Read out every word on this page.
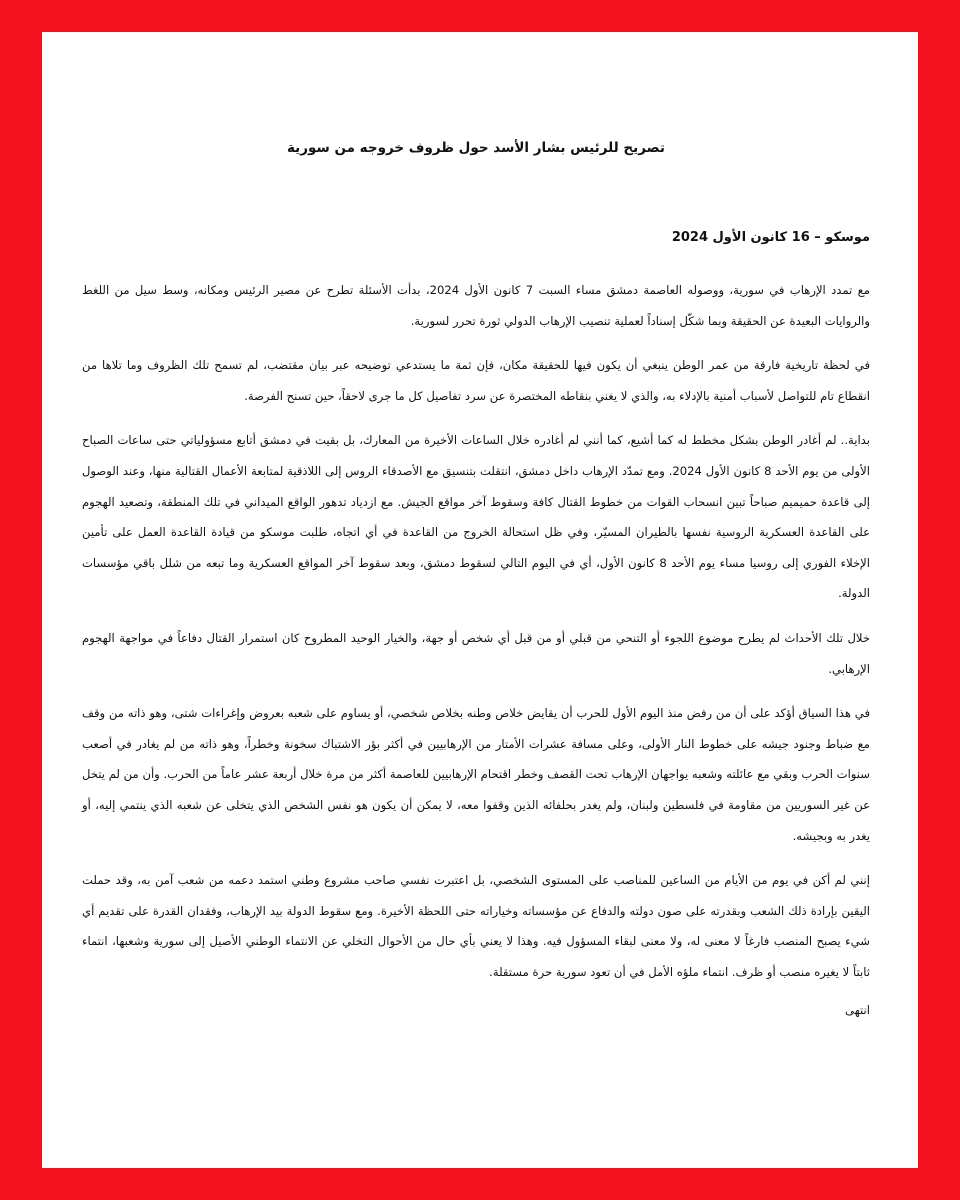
تصريح للرئيس بشار الأسد حول ظروف خروجه من سورية
موسكو – 16 كانون الأول 2024
مع تمدد الإرهاب في سورية، ووصوله العاصمة دمشق مساء السبت 7 كانون الأول 2024، بدأت الأسئلة تطرح عن مصير الرئيس ومكانه، وسط سيل من اللغط والروايات البعيدة عن الحقيقة وبما شكّل إسناداً لعملية تنصيب الإرهاب الدولي ثورة تحرر لسورية.
في لحظة تاريخية فارقة من عمر الوطن ينبغي أن يكون فيها للحقيقة مكان، فإن ثمة ما يستدعي توضيحه عبر بيان مقتضب، لم تسمح تلك الظروف وما تلاها من انقطاع تام للتواصل لأسباب أمنية بالإدلاء به، والذي لا يغني بنقاطه المختصرة عن سرد تفاصيل كل ما جرى لاحقاً، حين تسنح الفرصة.
بداية.. لم أغادر الوطن بشكل مخطط له كما أشيع، كما أنني لم أغادره خلال الساعات الأخيرة من المعارك، بل بقيت في دمشق أتابع مسؤولياتي حتى ساعات الصباح الأولى من يوم الأحد 8 كانون الأول 2024. ومع تمدّد الإرهاب داخل دمشق، انتقلت بتنسيق مع الأصدقاء الروس إلى اللاذقية لمتابعة الأعمال القتالية منها، وعند الوصول إلى قاعدة حميميم صباحاً تبين انسحاب القوات من خطوط القتال كافة وسقوط آخر مواقع الجيش. مع ازدياد تدهور الواقع الميداني في تلك المنطقة، وتصعيد الهجوم على القاعدة العسكرية الروسية نفسها بالطيران المسيّر، وفي ظل استحالة الخروج من القاعدة في أي اتجاه، طلبت موسكو من قيادة القاعدة العمل على تأمين الإخلاء الفوري إلى روسيا مساء يوم الأحد 8 كانون الأول، أي في اليوم التالي لسقوط دمشق، وبعد سقوط آخر المواقع العسكرية وما تبعه من شلل باقي مؤسسات الدولة.
خلال تلك الأحداث لم يطرح موضوع اللجوء أو التنحي من قبلي أو من قبل أي شخص أو جهة، والخيار الوحيد المطروح كان استمرار القتال دفاعاً في مواجهة الهجوم الإرهابي.
في هذا السياق أؤكد على أن من رفض منذ اليوم الأول للحرب أن يقايض خلاص وطنه بخلاص شخصي، أو يساوم على شعبه بعروض وإغراءات شتى، وهو ذاته من وقف مع ضباط وجنود جيشه على خطوط النار الأولى، وعلى مسافة عشرات الأمتار من الإرهابيين في أكثر بؤر الاشتباك سخونة وخطراً، وهو ذاته من لم يغادر في أصعب سنوات الحرب وبقي مع عائلته وشعبه يواجهان الإرهاب تحت القصف وخطر اقتحام الإرهابيين للعاصمة أكثر من مرة خلال أربعة عشر عاماً من الحرب. وأن من لم يتخل عن غير السوريين من مقاومة في فلسطين ولبنان، ولم يغدر بحلفائه الذين وقفوا معه، لا يمكن أن يكون هو نفس الشخص الذي يتخلى عن شعبه الذي ينتمي إليه، أو يغدر به وبجيشه.
إنني لم أكن في يوم من الأيام من الساعين للمناصب على المستوى الشخصي، بل اعتبرت نفسي صاحب مشروع وطني استمد دعمه من شعب آمن به، وقد حملت اليقين بإرادة ذلك الشعب وبقدرته على صون دولته والدفاع عن مؤسساته وخياراته حتى اللحظة الأخيرة. ومع سقوط الدولة بيد الإرهاب، وفقدان القدرة على تقديم أي شيء يصبح المنصب فارغاً لا معنى له، ولا معنى لبقاء المسؤول فيه. وهذا لا يعني بأي حال من الأحوال التخلي عن الانتماء الوطني الأصيل إلى سورية وشعبها، انتماء ثابتاً لا يغيره منصب أو ظرف. انتماء ملؤه الأمل في أن تعود سورية حرة مستقلة.
انتهى
